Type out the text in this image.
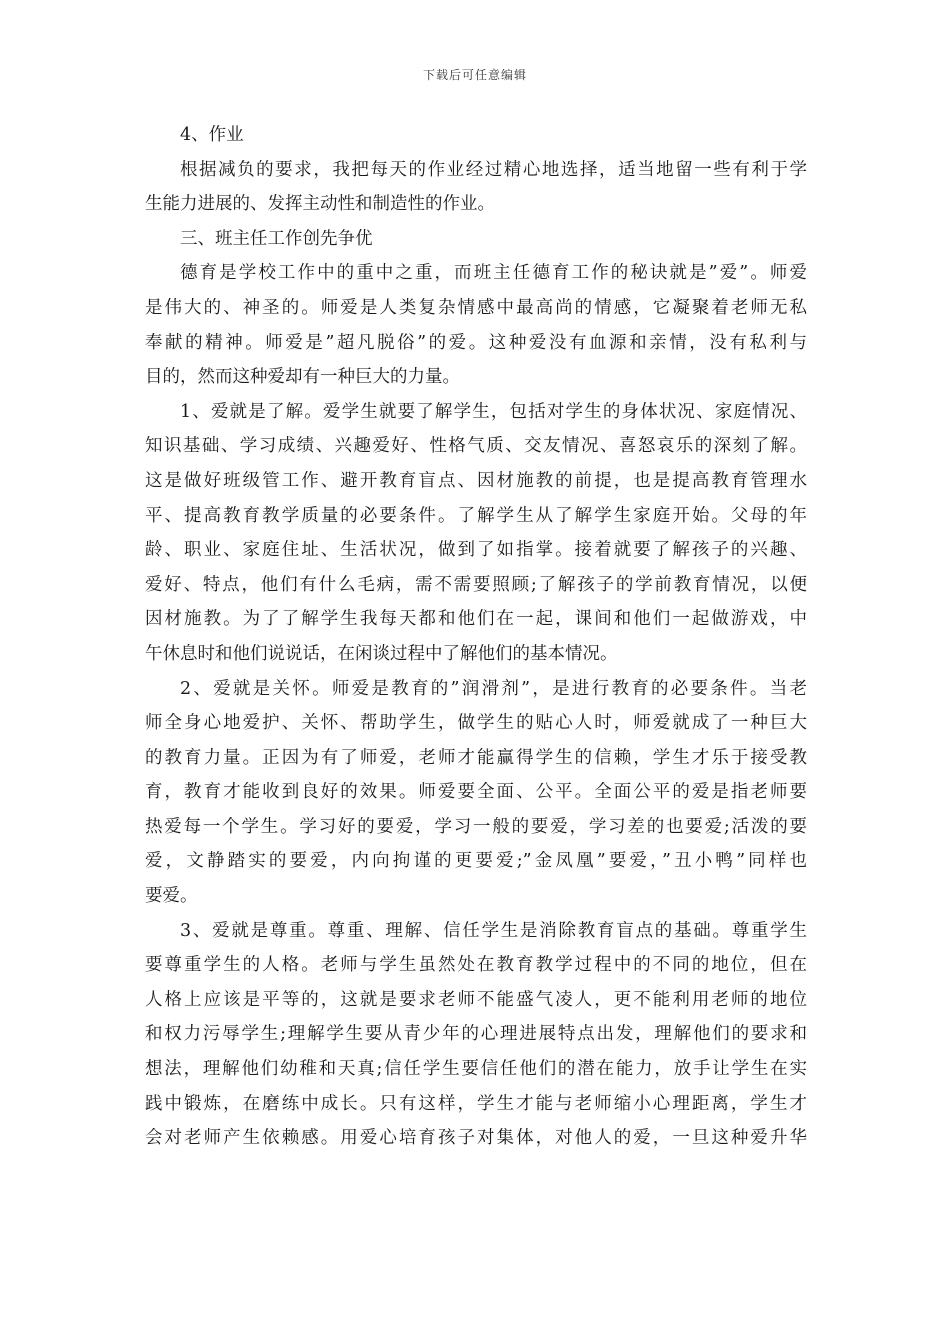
下载后可任意编辑
4、作业
根据减负的要求，我把每天的作业经过精心地选择，适当地留一些有利于学
生能力进展的、发挥主动性和制造性的作业。
三、班主任工作创先争优
德育是学校工作中的重中之重，而班主任德育工作的秘诀就是”爱”。师爱
是伟大的、神圣的。师爱是人类复杂情感中最高尚的情感，它凝聚着老师无私
奉献的精神。师爱是”超凡脱俗”的爱。这种爱没有血源和亲情，没有私利与
目的，然而这种爱却有一种巨大的力量。
1、爱就是了解。爱学生就要了解学生，包括对学生的身体状况、家庭情况、
知识基础、学习成绩、兴趣爱好、性格气质、交友情况、喜怒哀乐的深刻了解。
这是做好班级管工作、避开教育盲点、因材施教的前提，也是提高教育管理水
平、提高教育教学质量的必要条件。了解学生从了解学生家庭开始。父母的年
龄、职业、家庭住址、生活状况，做到了如指掌。接着就要了解孩子的兴趣、
爱好、特点，他们有什么毛病，需不需要照顾;了解孩子的学前教育情况，以便
因材施教。为了了解学生我每天都和他们在一起，课间和他们一起做游戏，中
午休息时和他们说说话，在闲谈过程中了解他们的基本情况。
2、爱就是关怀。师爱是教育的”润滑剂”，是进行教育的必要条件。当老
师全身心地爱护、关怀、帮助学生，做学生的贴心人时，师爱就成了一种巨大
的教育力量。正因为有了师爱，老师才能赢得学生的信赖，学生才乐于接受教
育，教育才能收到良好的效果。师爱要全面、公平。全面公平的爱是指老师要
热爱每一个学生。学习好的要爱，学习一般的要爱，学习差的也要爱;活泼的要
爱，文静踏实的要爱，内向拘谨的更要爱;”金凤凰”要爱，”丑小鸭”同样也
要爱。
3、爱就是尊重。尊重、理解、信任学生是消除教育盲点的基础。尊重学生
要尊重学生的人格。老师与学生虽然处在教育教学过程中的不同的地位，但在
人格上应该是平等的，这就是要求老师不能盛气凌人，更不能利用老师的地位
和权力污辱学生;理解学生要从青少年的心理进展特点出发，理解他们的要求和
想法，理解他们幼稚和天真;信任学生要信任他们的潜在能力，放手让学生在实
践中锻炼，在磨练中成长。只有这样，学生才能与老师缩小心理距离，学生才
会对老师产生依赖感。用爱心培育孩子对集体，对他人的爱，一旦这种爱升华
